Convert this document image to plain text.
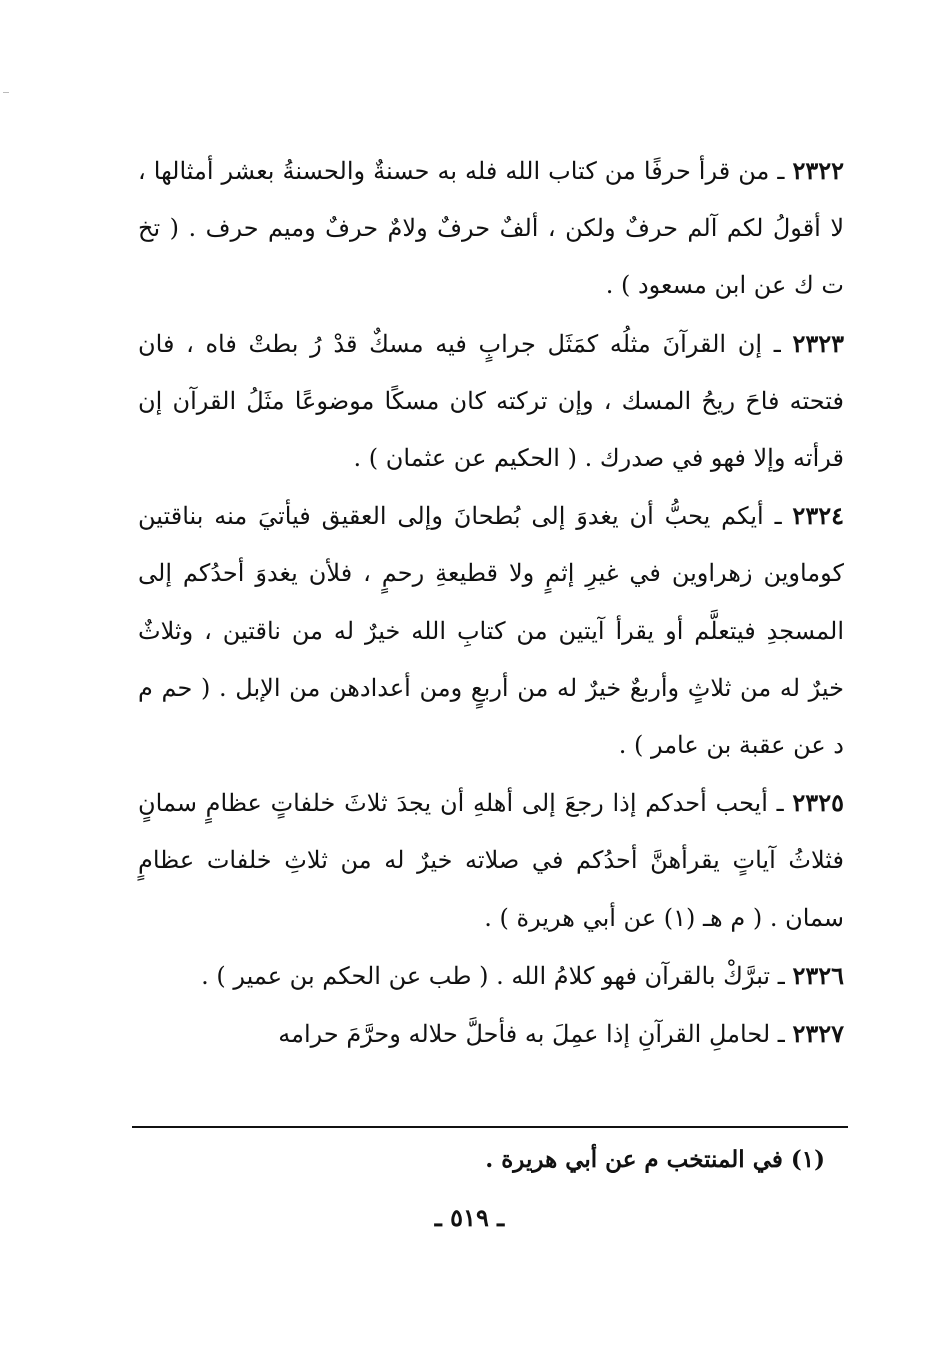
٢٣٢٢ ـ من قرأ حرفًا من كتاب الله فله به حسنةٌ والحسنةُ بعشر أمثالها ، لا أقولُ لكم آلم حرفٌ ولكن ، ألفٌ حرفٌ ولامٌ حرفٌ وميم حرف . ( تخ ت ك عن ابن مسعود ) .

٢٣٢٣ ـ إن القرآنَ مثلُه كمَثَل جرابٍ فيه مسكٌ قدْ رُ بطتْ فاه ، فان فتحته فاحَ ريحُ المسك ، وإن تركته كان مسكًا موضوعًا مثَلُ القرآن إن قرأته وإلا فهو في صدرك . ( الحكيم عن عثمان ) .

٢٣٢٤ ـ أيكم يحبُّ أن يغدوَ إلى بُطحانَ وإلى العقيق فيأتيَ منه بناقتين كوماوين زهراوين في غيرِ إثمٍ ولا قطيعةِ رحمٍ ، فلأن يغدوَ أحدُكم إلى المسجدِ فيتعلَّم أو يقرأ آيتين من كتابِ الله خيرٌ له من ناقتين ، وثلاثٌ خيرٌ له من ثلاثٍ وأربعٌ خيرٌ له من أربعٍ ومن أعدادهن من الإبل . ( حم م د عن عقبة بن عامر ) .

٢٣٢٥ ـ أيحب أحدكم إذا رجعَ إلى أهلهِ أن يجدَ ثلاثَ خلفاتٍ عظامٍ سمانٍ فثلاثُ آياتٍ يقرأهنَّ أحدُكم في صلاته خيرٌ له من ثلاثِ خلفات عظامٍ سمان . ( م هـ (١) عن أبي هريرة ) .

٢٣٢٦ ـ تبرَّكْ بالقرآن فهو كلامُ الله . ( طب عن الحكم بن عمير ) .

٢٣٢٧ ـ لحاملِ القرآنِ إذا عمِلَ به فأحلَّ حلاله وحرَّمَ حرامه

(١) في المنتخب م عن أبي هريرة .
ـ ٥١٩ ـ
